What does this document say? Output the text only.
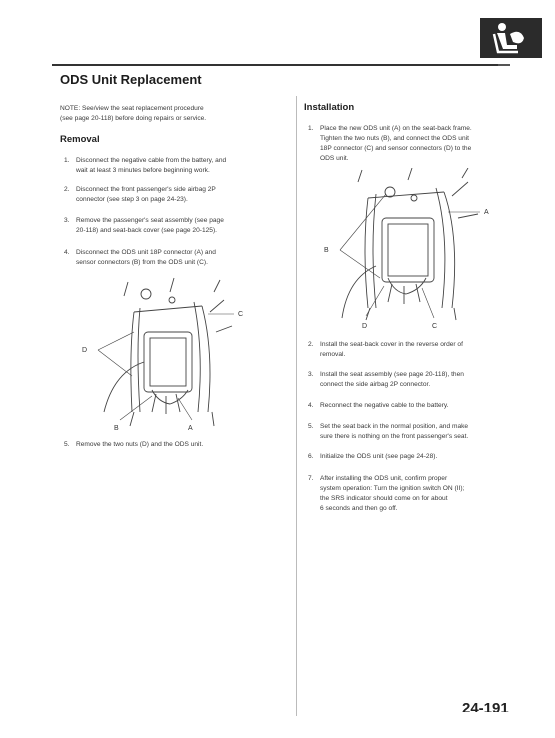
ODS Unit Replacement
NOTE: See/view the seat replacement procedure
(see page 20-118) before doing repairs or service.
Removal
1. Disconnect the negative cable from the battery, and
wait at least 3 minutes before beginning work.
2. Disconnect the front passenger's side airbag 2P
connector (see step 3 on page 24-23).
3. Remove the passenger's seat assembly (see page
20-118) and seat-back cover (see page 20-125).
4. Disconnect the ODS unit 18P connector (A) and
sensor connectors (B) from the ODS unit (C).
C
D
B	A
5. Remove the two nuts (D) and the ODS unit.
Installation
1. Place the new ODS unit (A) on the seat-back frame.
Tighten the two nuts (B), and connect the ODS unit
18P connector (C) and sensor connectors (D) to the
ODS unit.
A
B
D	C
2. Install the seat-back cover in the reverse order of
removal.
3. Install the seat assembly (see page 20-118), then
connect the side airbag 2P connector.
4. Reconnect the negative cable to the battery.
5. Set the seat back in the normal position, and make
sure there is nothing on the front passenger's seat.
6. Initialize the ODS unit (see page 24-28).
7. After installing the ODS unit, confirm proper
system operation: Turn the ignition switch ON (II);
the SRS indicator should come on for about
6 seconds and then go off.
24-191
